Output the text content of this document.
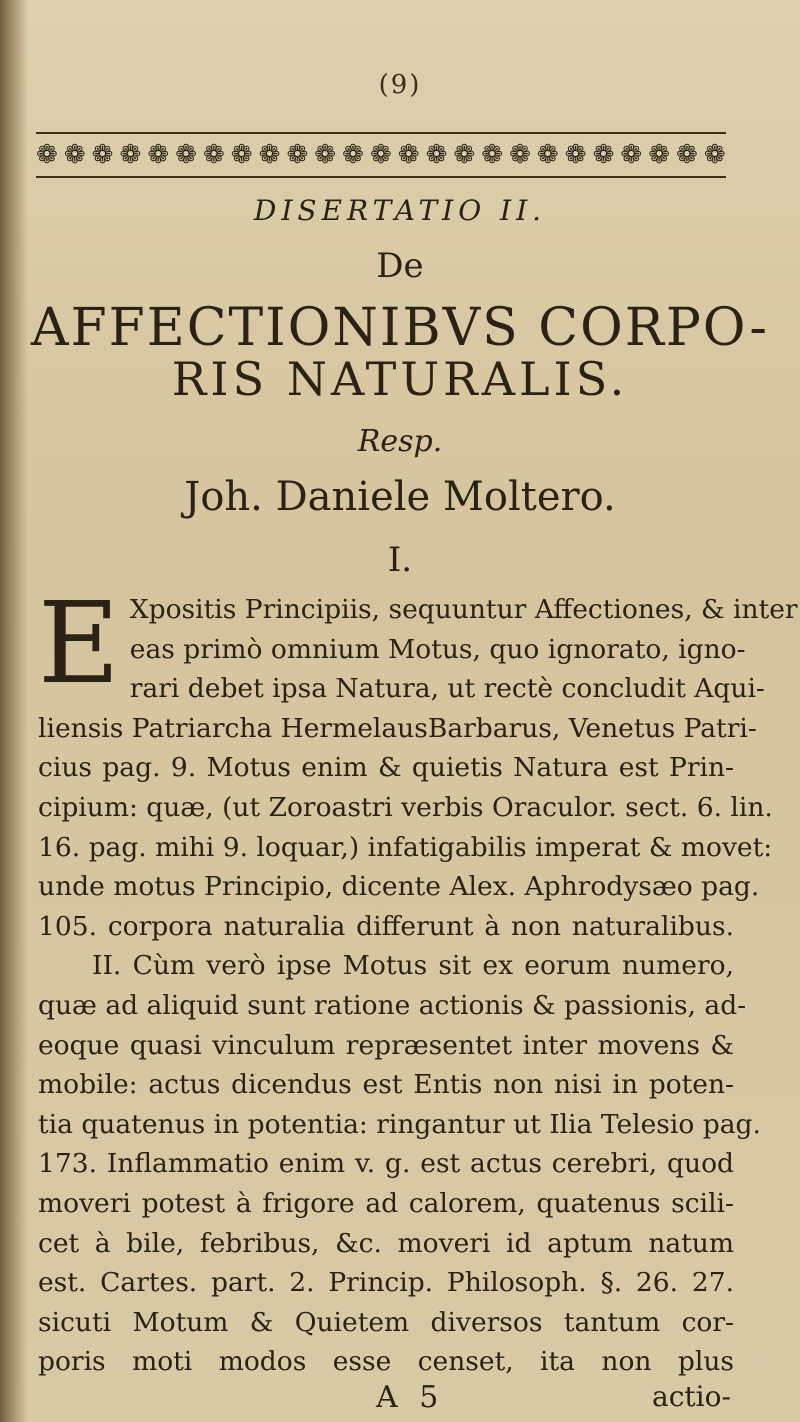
(9)
❁ ❁ ❁ ❁ ❁ ❁ ❁ ❁ ❁ ❁ ❁ ❁ ❁ ❁ ❁ ❁ ❁ ❁ ❁ ❁ ❁ ❁ ❁ ❁ ❁
DISERTATIO II.
De
AFFECTIONIBVS CORPO-
RIS NATURALIS.
Resp.
Joh. Daniele Moltero.
I.
E Xpositis Principiis, sequuntur Affectiones, & inter
eas primò omnium Motus, quo ignorato, igno-
rari debet ipsa Natura, ut rectè concludit Aqui-
liensis Patriarcha HermelausBarbarus, Venetus Patri-
cius pag. 9. Motus enim & quietis Natura est Prin-
cipium: quæ, (ut Zoroastri verbis Oraculor. sect. 6. lin.
16. pag. mihi 9. loquar,) infatigabilis imperat & movet:
unde motus Principio, dicente Alex. Aphrodysæo pag.
105. corpora naturalia differunt à non naturalibus.
II. Cùm verò ipse Motus sit ex eorum numero,
quæ ad aliquid sunt ratione actionis & passionis, ad-
eoque quasi vinculum repræsentet inter movens &
mobile: actus dicendus est Entis non nisi in poten-
tia quatenus in potentia: ringantur ut Ilia Telesio pag.
173. Inflammatio enim v. g. est actus cerebri, quod
moveri potest à frigore ad calorem, quatenus scili-
cet à bile, febribus, &c. moveri id aptum natum
est. Cartes. part. 2. Princip. Philosoph. §. 26. 27.
sicuti Motum & Quietem diversos tantum cor-
poris moti modos esse censet, ita non plus
A 5	actio-
